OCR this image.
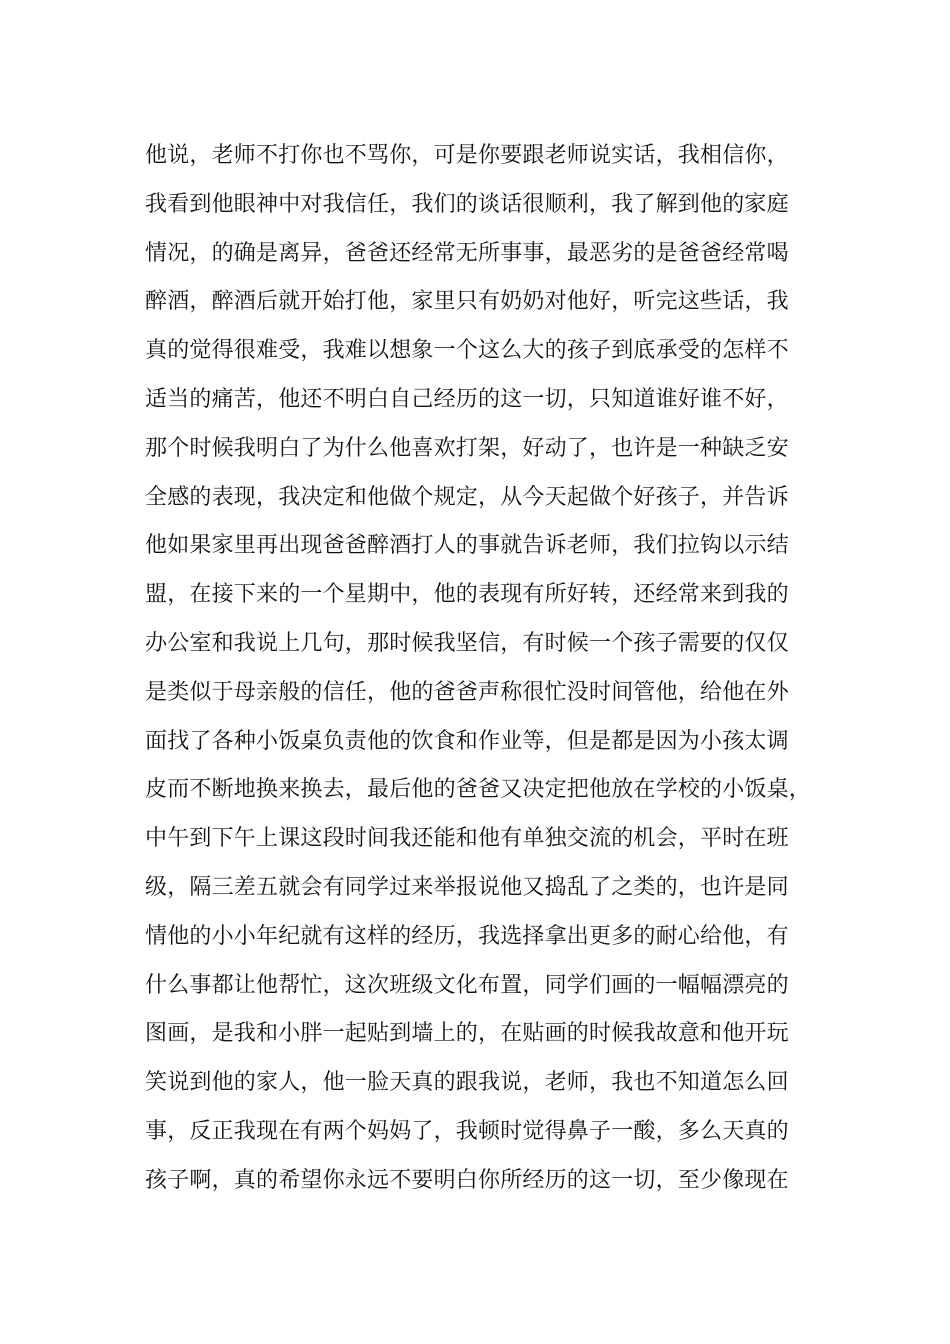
他说，老师不打你也不骂你，可是你要跟老师说实话，我相信你，
我看到他眼神中对我信任，我们的谈话很顺利，我了解到他的家庭
情况，的确是离异，爸爸还经常无所事事，最恶劣的是爸爸经常喝
醉酒，醉酒后就开始打他，家里只有奶奶对他好，听完这些话，我
真的觉得很难受，我难以想象一个这么大的孩子到底承受的怎样不
适当的痛苦，他还不明白自己经历的这一切，只知道谁好谁不好，
那个时候我明白了为什么他喜欢打架，好动了，也许是一种缺乏安
全感的表现，我决定和他做个规定，从今天起做个好孩子，并告诉
他如果家里再出现爸爸醉酒打人的事就告诉老师，我们拉钩以示结
盟，在接下来的一个星期中，他的表现有所好转，还经常来到我的
办公室和我说上几句，那时候我坚信，有时候一个孩子需要的仅仅
是类似于母亲般的信任，他的爸爸声称很忙没时间管他，给他在外
面找了各种小饭桌负责他的饮食和作业等，但是都是因为小孩太调
皮而不断地换来换去，最后他的爸爸又决定把他放在学校的小饭桌，
中午到下午上课这段时间我还能和他有单独交流的机会，平时在班
级，隔三差五就会有同学过来举报说他又捣乱了之类的，也许是同
情他的小小年纪就有这样的经历，我选择拿出更多的耐心给他，有
什么事都让他帮忙，这次班级文化布置，同学们画的一幅幅漂亮的
图画，是我和小胖一起贴到墙上的，在贴画的时候我故意和他开玩
笑说到他的家人，他一脸天真的跟我说，老师，我也不知道怎么回
事，反正我现在有两个妈妈了，我顿时觉得鼻子一酸，多么天真的
孩子啊，真的希望你永远不要明白你所经历的这一切，至少像现在
